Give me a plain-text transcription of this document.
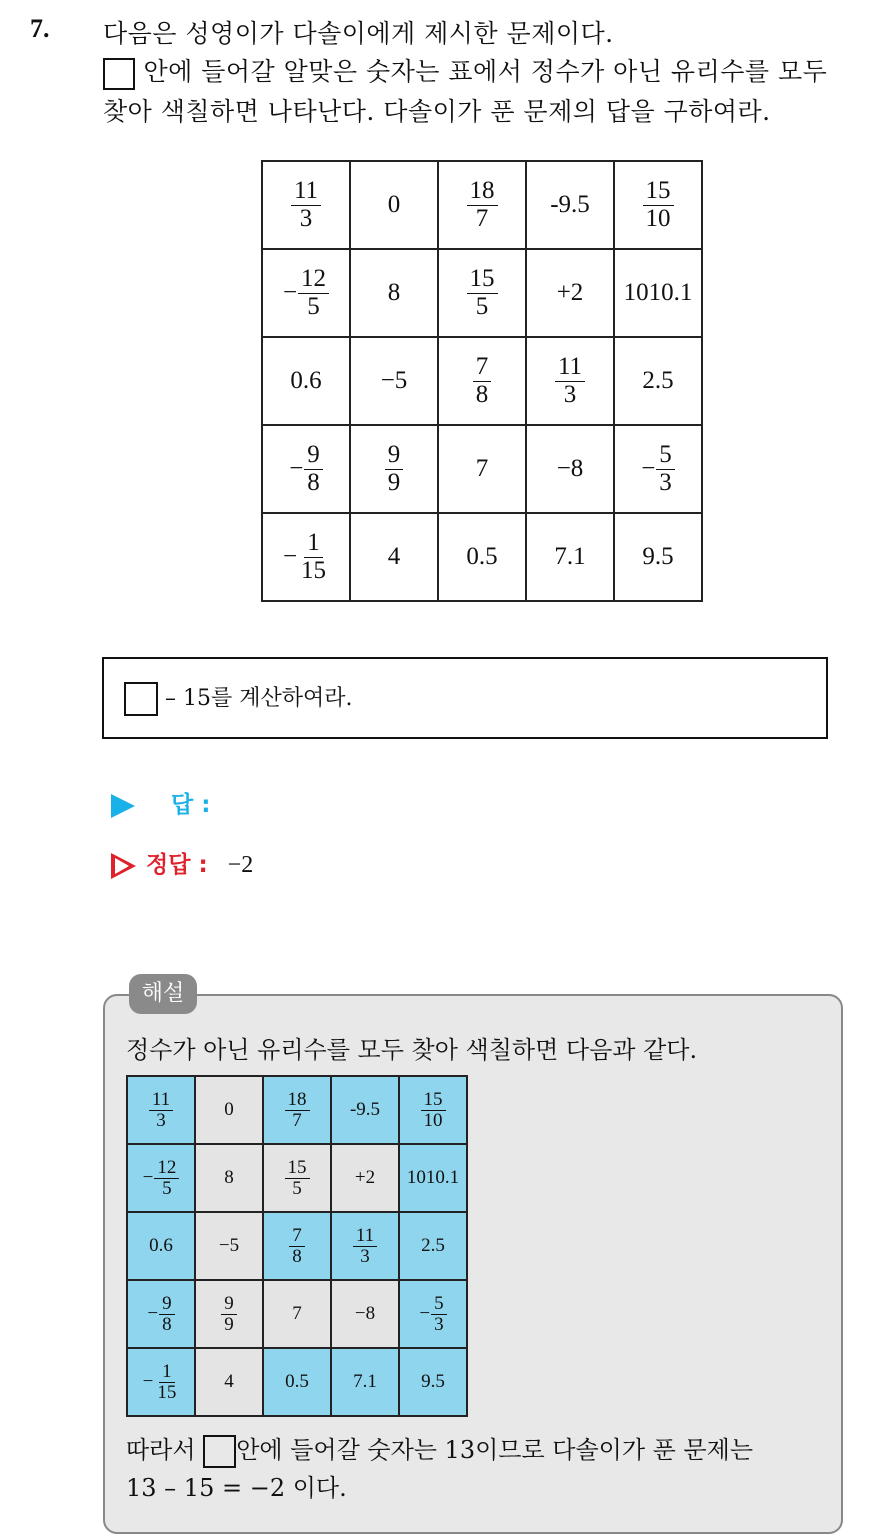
7. 다음은 성영이가 다솔이에게 제시한 문제이다.
안에 들어갈 알맞은 숫자는 표에서 정수가 아닌 유리수를 모두
찾아 색칠하면 나타난다. 다솔이가 푼 문제의 답을 구하여라.
$\frac{11}{3}$	0	$\frac{18}{7}$	-9.5	$\frac{15}{10}$

− $\frac{12}{5}$	8	$\frac{15}{5}$	+2	1010.1
0.6	−5	$\frac{7}{8}$	$\frac{11}{3}$	2.5
− $\frac{9}{8}$	$\frac{9}{9}$	7	−8	− $\frac{5}{3}$

− $\frac{1}{15}$	4	0.5	7.1	9.5
– 15를 계산하여라.
답 :
정답 : −2
해설
정수가 아닌 유리수를 모두 찾아 색칠하면 다음과 같다.
$\frac{11}{3}$	0	$\frac{18}{7}$	-9.5	$\frac{15}{10}$

− $\frac{12}{5}$	8	$\frac{15}{5}$	+2	1010.1
0.6	−5	$\frac{7}{8}$	$\frac{11}{3}$	2.5
− $\frac{9}{8}$	$\frac{9}{9}$	7	−8	− $\frac{5}{3}$

− $\frac{1}{15}$	4	0.5	7.1	9.5
따라서 안에 들어갈 숫자는 13이므로 다솔이가 푼 문제는
13 – 15 = −2 이다.
